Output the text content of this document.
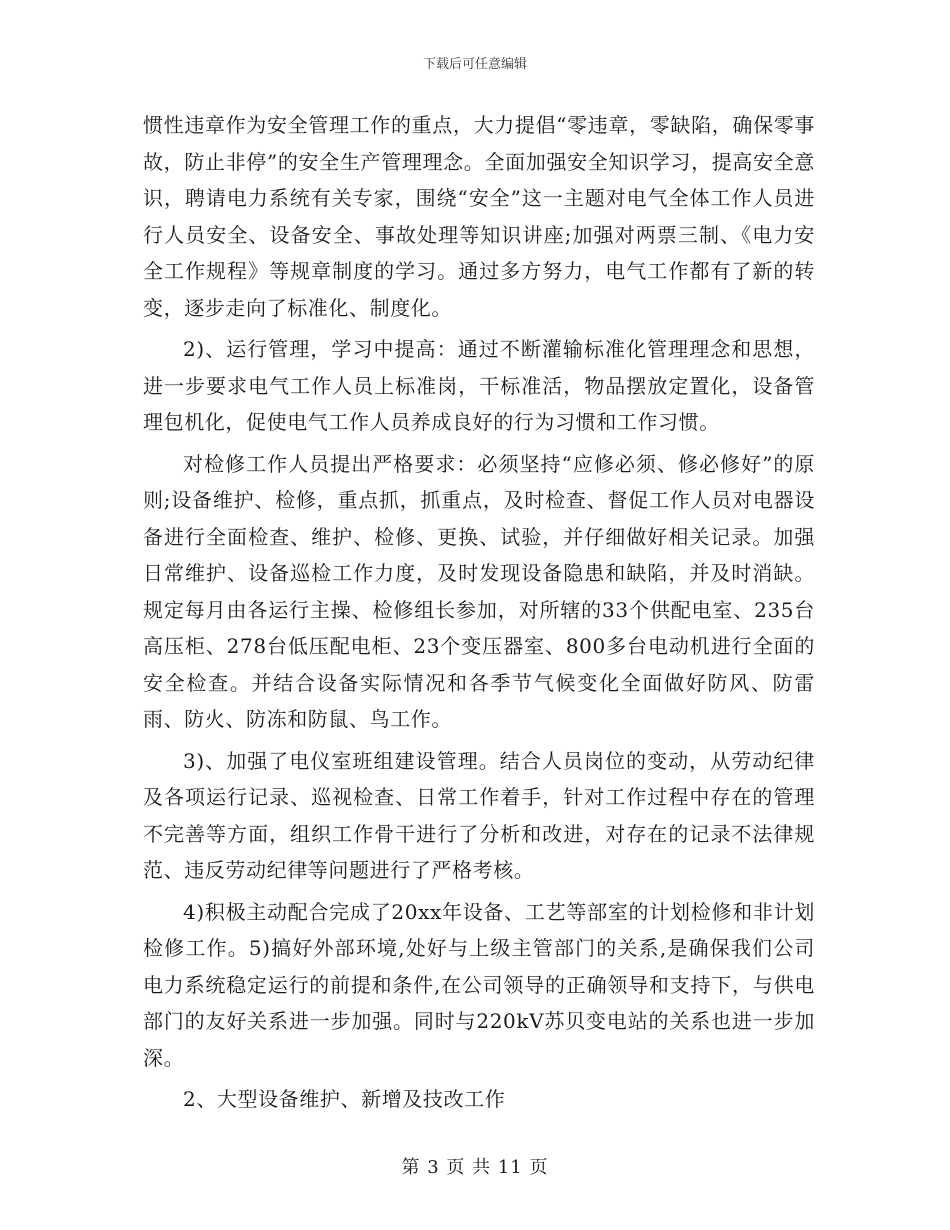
下载后可任意编辑

惯性违章作为安全管理工作的重点，大力提倡“零违章，零缺陷，确保零事故，防止非停”的安全生产管理理念。全面加强安全知识学习，提高安全意识，聘请电力系统有关专家，围绕“安全”这一主题对电气全体工作人员进行人员安全、设备安全、事故处理等知识讲座;加强对两票三制、《电力安全工作规程》等规章制度的学习。通过多方努力，电气工作都有了新的转变，逐步走向了标准化、制度化。

2)、运行管理，学习中提高：通过不断灌输标准化管理理念和思想，进一步要求电气工作人员上标准岗，干标准活，物品摆放定置化，设备管理包机化，促使电气工作人员养成良好的行为习惯和工作习惯。

对检修工作人员提出严格要求：必须坚持“应修必须、修必修好”的原则;设备维护、检修，重点抓，抓重点，及时检查、督促工作人员对电器设备进行全面检查、维护、检修、更换、试验，并仔细做好相关记录。加强日常维护、设备巡检工作力度，及时发现设备隐患和缺陷，并及时消缺。规定每月由各运行主操、检修组长参加，对所辖的33个供配电室、235台高压柜、278台低压配电柜、23个变压器室、800多台电动机进行全面的安全检查。并结合设备实际情况和各季节气候变化全面做好防风、防雷雨、防火、防冻和防鼠、鸟工作。

3)、加强了电仪室班组建设管理。结合人员岗位的变动，从劳动纪律及各项运行记录、巡视检查、日常工作着手，针对工作过程中存在的管理不完善等方面，组织工作骨干进行了分析和改进，对存在的记录不法律规范、违反劳动纪律等问题进行了严格考核。

4)积极主动配合完成了20xx年设备、工艺等部室的计划检修和非计划检修工作。5)搞好外部环境,处好与上级主管部门的关系,是确保我们公司电力系统稳定运行的前提和条件,在公司领导的正确领导和支持下，与供电部门的友好关系进一步加强。同时与220kV苏贝变电站的关系也进一步加深。

2、大型设备维护、新增及技改工作

第 3 页 共 11 页
